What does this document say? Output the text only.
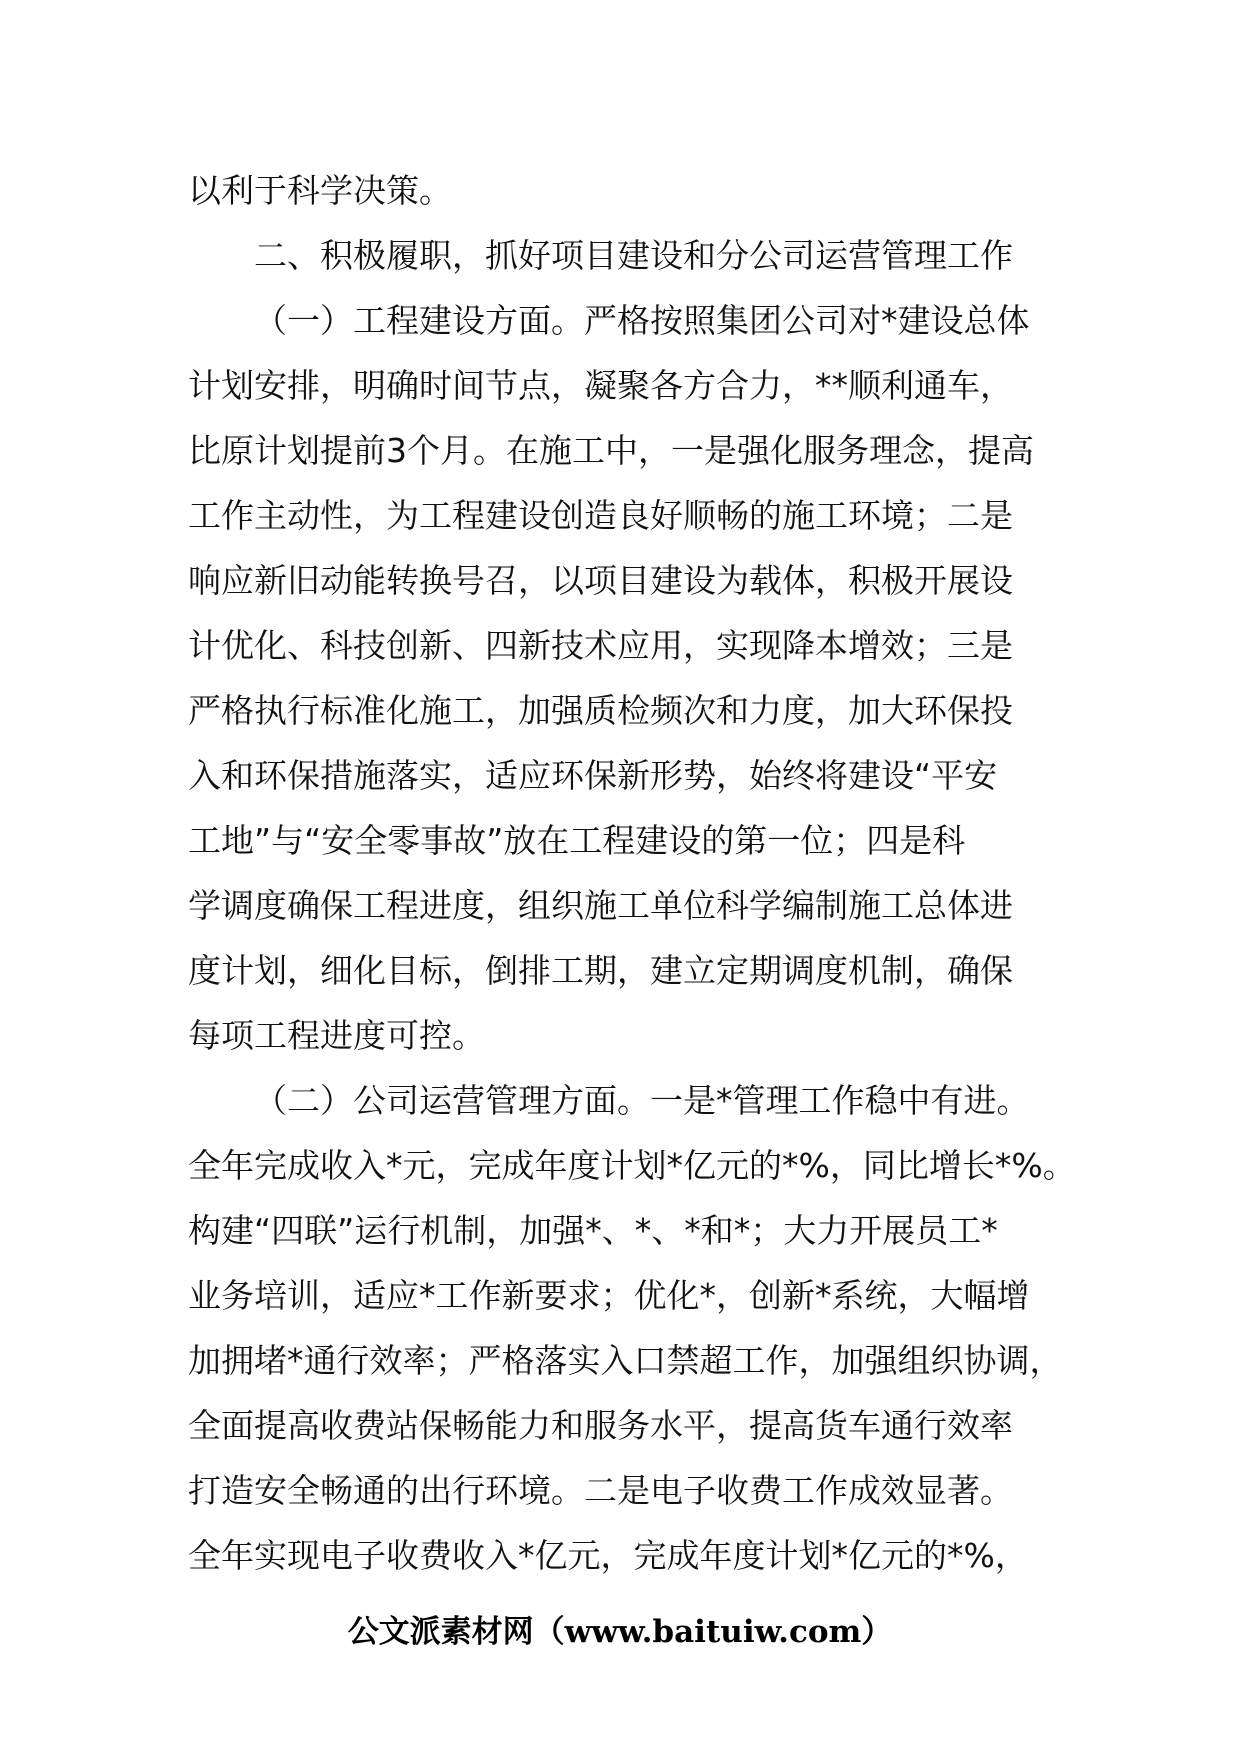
以利于科学决策。
二、积极履职，抓好项目建设和分公司运营管理工作
（一）工程建设方面。严格按照集团公司对*建设总体
计划安排，明确时间节点，凝聚各方合力，**顺利通车，
比原计划提前3个月。在施工中，一是强化服务理念，提高
工作主动性，为工程建设创造良好顺畅的施工环境；二是
响应新旧动能转换号召，以项目建设为载体，积极开展设
计优化、科技创新、四新技术应用，实现降本增效；三是
严格执行标准化施工，加强质检频次和力度，加大环保投
入和环保措施落实，适应环保新形势，始终将建设“平安
工地”与“安全零事故”放在工程建设的第一位；四是科
学调度确保工程进度，组织施工单位科学编制施工总体进
度计划，细化目标，倒排工期，建立定期调度机制，确保
每项工程进度可控。
（二）公司运营管理方面。一是*管理工作稳中有进。
全年完成收入*元，完成年度计划*亿元的*%，同比增长*%。
构建“四联”运行机制，加强*、*、*和*；大力开展员工*
业务培训，适应*工作新要求；优化*，创新*系统，大幅增
加拥堵*通行效率；严格落实入口禁超工作，加强组织协调，
全面提高收费站保畅能力和服务水平，提高货车通行效率
打造安全畅通的出行环境。二是电子收费工作成效显著。
全年实现电子收费收入*亿元，完成年度计划*亿元的*%，
公文派素材网（www.baituiw.com）
